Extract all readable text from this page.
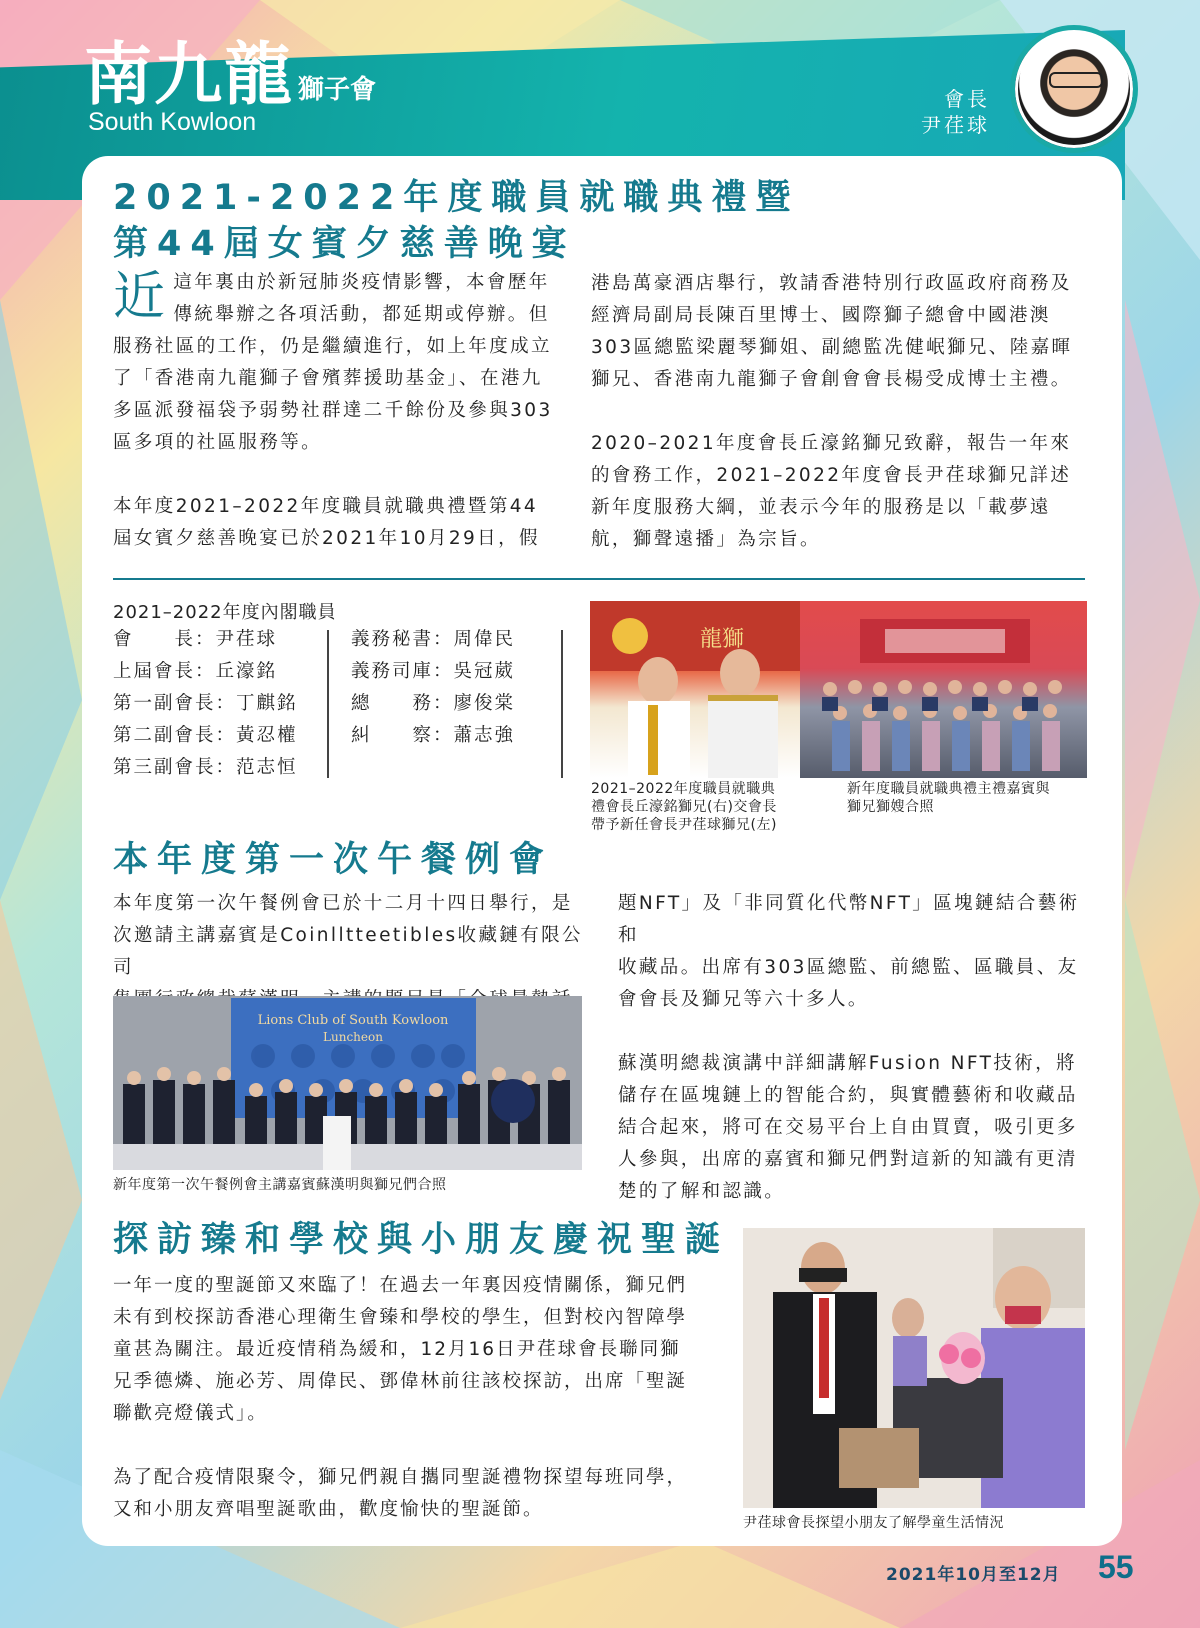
南九龍 獅子會
South Kowloon
會長
尹荏球
2021-2022年度職員就職典禮暨
第44屆女賓夕慈善晚宴
近 這年裏由於新冠肺炎疫情影響，本會歷年
傳統舉辦之各項活動，都延期或停辦。但
服務社區的工作，仍是繼續進行，如上年度成立
了「香港南九龍獅子會殯葬援助基金」、在港九
多區派發福袋予弱勢社群達二千餘份及參與303
區多項的社區服務等。
本年度2021–2022年度職員就職典禮暨第44
屆女賓夕慈善晚宴已於2021年10月29日，假
港島萬豪酒店舉行，敦請香港特別行政區政府商務及
經濟局副局長陳百里博士、國際獅子總會中國港澳
303區總監梁麗琴獅姐、副總監冼健岷獅兄、陸嘉暉
獅兄、香港南九龍獅子會創會會長楊受成博士主禮。
2020–2021年度會長丘濠銘獅兄致辭，報告一年來
的會務工作，2021–2022年度會長尹荏球獅兄詳述
新年度服務大綱，並表示今年的服務是以「載夢遠
航，獅聲遠播」為宗旨。
2021–2022年度內閣職員
會　　長：尹荏球
上屆會長：丘濠銘
第一副會長：丁麒銘
第二副會長：黃忍權
第三副會長：范志恒
義務秘書：周偉民
義務司庫：吳冠葳
總　　務：廖俊棠
糾　　察：蕭志強
龍獅
2021–2022年度職員就職典
禮會長丘濠銘獅兄(右)交會長
帶予新任會長尹荏球獅兄(左)
新年度職員就職典禮主禮嘉賓與
獅兄獅嫂合照
本年度第一次午餐例會
本年度第一次午餐例會已於十二月十四日舉行，是
次邀請主講嘉賓是Coinlltteetibles收藏鏈有限公司
題NFT」及「非同質化代幣NFT」區塊鏈結合藝術和
收藏品。出席有303區總監、前總監、區職員、友
會會長及獅兄等六十多人。
蘇漢明總裁演講中詳細講解Fusion NFT技術，將
儲存在區塊鏈上的智能合約，與實體藝術和收藏品
結合起來，將可在交易平台上自由買賣，吸引更多
人參與，出席的嘉賓和獅兄們對這新的知識有更清
楚的了解和認識。
Lions Club of South Kowloon
Luncheon
新年度第一次午餐例會主講嘉賓蘇漢明與獅兄們合照
探訪臻和學校與小朋友慶祝聖誕
一年一度的聖誕節又來臨了！在過去一年裏因疫情關係，獅兄們
未有到校探訪香港心理衛生會臻和學校的學生，但對校內智障學
童甚為關注。最近疫情稍為緩和，12月16日尹荏球會長聯同獅
兄季德燐、施必芳、周偉民、鄧偉林前往該校探訪，出席「聖誕
聯歡亮燈儀式」。
為了配合疫情限聚令，獅兄們親自攜同聖誕禮物探望每班同學，
又和小朋友齊唱聖誕歌曲，歡度愉快的聖誕節。
尹荏球會長探望小朋友了解學童生活情況
2021年10月至12月 55
